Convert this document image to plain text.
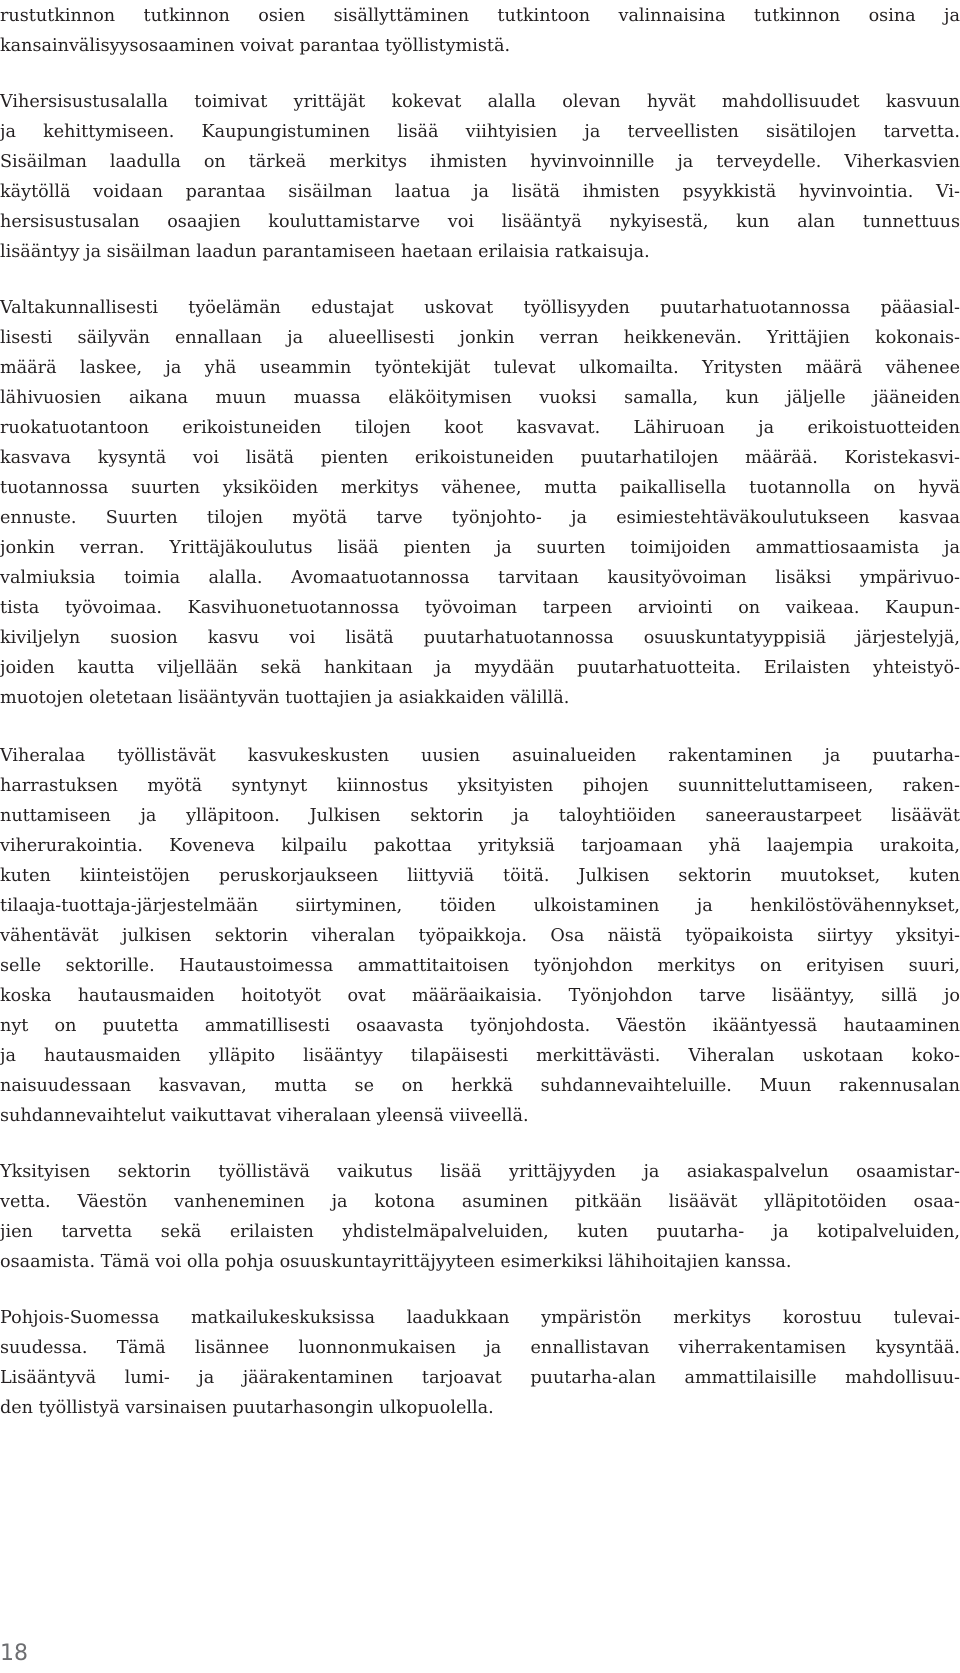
rustutkinnon tutkinnon osien sisällyttäminen tutkintoon valinnaisina tutkinnon osina ja
kansainvälisyysosaaminen voivat parantaa työllistymistä.
Vihersisustusalalla toimivat yrittäjät kokevat alalla olevan hyvät mahdollisuudet kasvuun
ja kehittymiseen. Kaupungistuminen lisää viihtyisien ja terveellisten sisätilojen tarvetta.
Sisäilman laadulla on tärkeä merkitys ihmisten hyvinvoinnille ja terveydelle. Viherkasvien
käytöllä voidaan parantaa sisäilman laatua ja lisätä ihmisten psyykkistä hyvinvointia. Vi-
hersisustusalan osaajien kouluttamistarve voi lisääntyä nykyisestä, kun alan tunnettuus
lisääntyy ja sisäilman laadun parantamiseen haetaan erilaisia ratkaisuja.
Valtakunnallisesti työelämän edustajat uskovat työllisyyden puutarhatuotannossa pääasial-
lisesti säilyvän ennallaan ja alueellisesti jonkin verran heikkenevän. Yrittäjien kokonais-
määrä laskee, ja yhä useammin työntekijät tulevat ulkomailta. Yritysten määrä vähenee
lähivuosien aikana muun muassa eläköitymisen vuoksi samalla, kun jäljelle jääneiden
ruokatuotantoon erikoistuneiden tilojen koot kasvavat. Lähiruoan ja erikoistuotteiden
kasvava kysyntä voi lisätä pienten erikoistuneiden puutarhatilojen määrää. Koristekasvi-
tuotannossa suurten yksiköiden merkitys vähenee, mutta paikallisella tuotannolla on hyvä
ennuste. Suurten tilojen myötä tarve työnjohto- ja esimiestehtäväkoulutukseen kasvaa
jonkin verran. Yrittäjäkoulutus lisää pienten ja suurten toimijoiden ammattiosaamista ja
valmiuksia toimia alalla. Avomaatuotannossa tarvitaan kausityövoiman lisäksi ympärivuo-
tista työvoimaa. Kasvihuonetuotannossa työvoiman tarpeen arviointi on vaikeaa. Kaupun-
kiviljelyn suosion kasvu voi lisätä puutarhatuotannossa osuuskuntatyyppisiä järjestelyjä,
joiden kautta viljellään sekä hankitaan ja myydään puutarhatuotteita. Erilaisten yhteistyö-
muotojen oletetaan lisääntyvän tuottajien ja asiakkaiden välillä.
Viheralaa työllistävät kasvukeskusten uusien asuinalueiden rakentaminen ja puutarha-
harrastuksen myötä syntynyt kiinnostus yksityisten pihojen suunnitteluttamiseen, raken-
nuttamiseen ja ylläpitoon. Julkisen sektorin ja taloyhtiöiden saneeraustarpeet lisäävät
viherurakointia. Koveneva kilpailu pakottaa yrityksiä tarjoamaan yhä laajempia urakoita,
kuten kiinteistöjen peruskorjaukseen liittyviä töitä. Julkisen sektorin muutokset, kuten
tilaaja-tuottaja-järjestelmään siirtyminen, töiden ulkoistaminen ja henkilöstövähennykset,
vähentävät julkisen sektorin viheralan työpaikkoja. Osa näistä työpaikoista siirtyy yksityi-
selle sektorille. Hautaustoimessa ammattitaitoisen työnjohdon merkitys on erityisen suuri,
koska hautausmaiden hoitotyöt ovat määräaikaisia. Työnjohdon tarve lisääntyy, sillä jo
nyt on puutetta ammatillisesti osaavasta työnjohdosta. Väestön ikääntyessä hautaaminen
ja hautausmaiden ylläpito lisääntyy tilapäisesti merkittävästi. Viheralan uskotaan koko-
naisuudessaan kasvavan, mutta se on herkkä suhdannevaihteluille. Muun rakennusalan
suhdannevaihtelut vaikuttavat viheralaan yleensä viiveellä.
Yksityisen sektorin työllistävä vaikutus lisää yrittäjyyden ja asiakaspalvelun osaamistar-
vetta. Väestön vanheneminen ja kotona asuminen pitkään lisäävät ylläpitotöiden osaa-
jien tarvetta sekä erilaisten yhdistelmäpalveluiden, kuten puutarha- ja kotipalveluiden,
osaamista. Tämä voi olla pohja osuuskuntayrittäjyyteen esimerkiksi lähihoitajien kanssa.
Pohjois-Suomessa matkailukeskuksissa laadukkaan ympäristön merkitys korostuu tulevai-
suudessa. Tämä lisännee luonnonmukaisen ja ennallistavan viherrakentamisen kysyntää.
Lisääntyvä lumi- ja jäärakentaminen tarjoavat puutarha-alan ammattilaisille mahdollisuu-
den työllistyä varsinaisen puutarhasongin ulkopuolella.
18
